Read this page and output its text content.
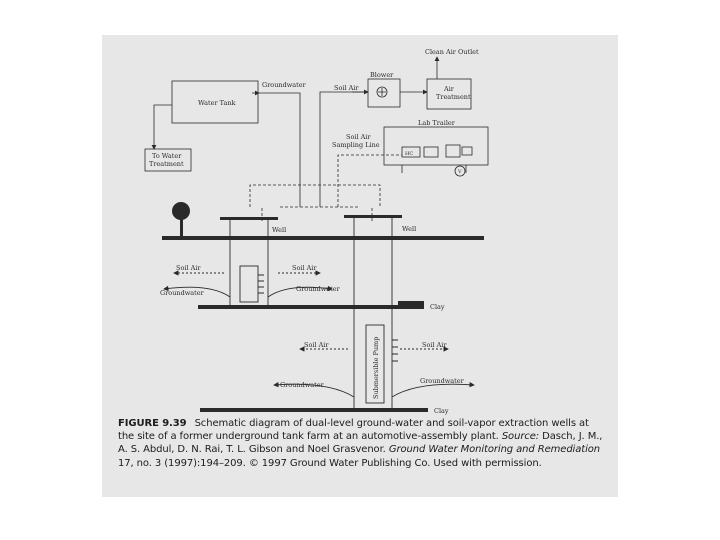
Clean Air Outlet
Blower
Soil Air	Air
Treatment
Water Tank
Groundwater
To Water
Treatment
Lab Trailer
Soil Air
Sampling Line
HC
V
Well	Well
Soil Air	Soil Air
Groundwater	Groundwater
Clay
Soil Air	Soil Air
Submersible Pump
Groundwater	Groundwater
Clay
FIGURE 9.39 Schematic diagram of dual-level ground-water and soil-vapor extraction wells at the site of a former underground tank farm at an automotive-assembly plant. Source: Dasch, J. M., A. S. Abdul, D. N. Rai, T. L. Gibson and Noel Grasvenor. Ground Water Monitoring and Remediation 17, no. 3 (1997):194–209. © 1997 Ground Water Publishing Co. Used with permission.
